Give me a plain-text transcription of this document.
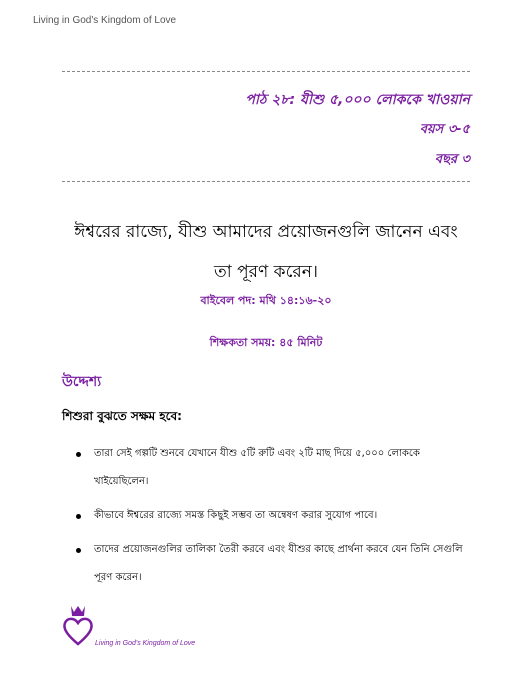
Living in God's Kingdom of Love
পাঠ ২৮: যীশু ৫,০০০ লোককে খাওয়ান
বয়স ৩-৫
বছর ৩
ঈশ্বরের রাজ্যে, যীশু আমাদের প্রয়োজনগুলি জানেন এবং তা পূরণ করেন।
বাইবেল পদ: মথি ১৪:১৬-২০
শিক্ষকতা সময়: ৪৫ মিনিট
উদ্দেশ্য
শিশুরা বুঝতে সক্ষম হবে:
তারা সেই গল্পটি শুনবে যেখানে যীশু ৫টি রুটি এবং ২টি মাছ দিয়ে ৫,০০০ লোককে খাইয়েছিলেন।
কীভাবে ঈশ্বরের রাজ্যে সমস্ত কিছুই সম্ভব তা অন্বেষণ করার সুযোগ পাবে।
তাদের প্রয়োজনগুলির তালিকা তৈরী করবে এবং যীশুর কাছে প্রার্থনা করবে যেন তিনি সেগুলি পূরণ করেন।
Living in God's Kingdom of Love
